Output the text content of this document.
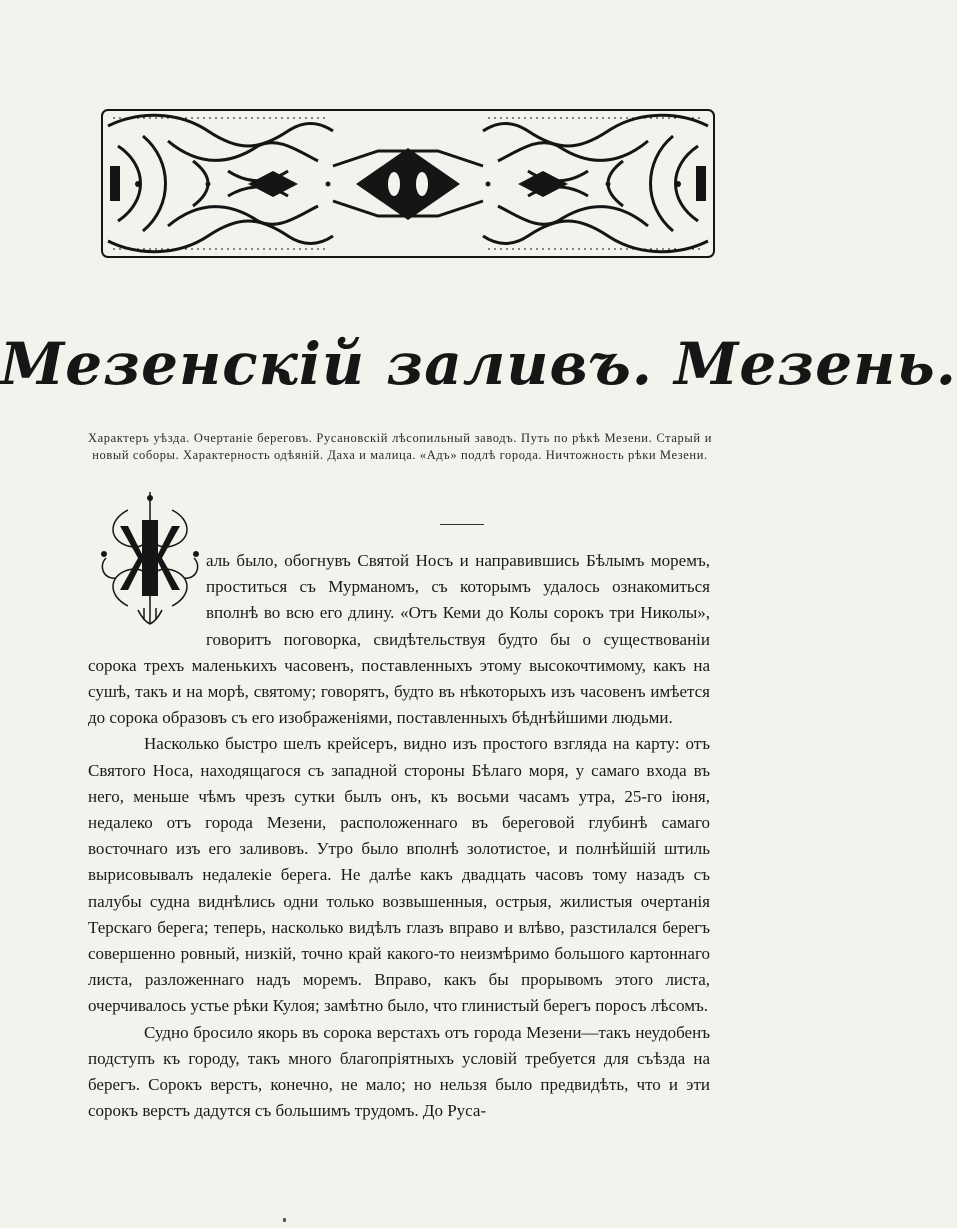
Мезенскій заливъ. Мезень.

Характеръ уѣзда. Очертаніе береговъ. Русановскій лѣсопильный заводъ. Путь по рѣкѣ Мезени. Старый и новый соборы. Характерность одѣяній. Даха и малица. «Адъ» подлѣ города. Ничтожность рѣки Мезени.

Ж

аль было, обогнувъ Святой Носъ и направившись Бѣлымъ моремъ, проститься съ Мурманомъ, съ которымъ удалось ознакомиться вполнѣ во всю его длину. «Отъ Кеми до Колы сорокъ три Николы», говоритъ поговорка, свидѣтельствуя будто бы о существованіи сорока трехъ маленькихъ часовенъ, поставленныхъ этому высокочтимому, какъ на сушѣ, такъ и на морѣ, святому; говорятъ, будто въ нѣкоторыхъ изъ часовенъ имѣется до сорока образовъ съ его изображеніями, поставленныхъ бѣднѣйшими людьми.

Насколько быстро шелъ крейсеръ, видно изъ простого взгляда на карту: отъ Святого Носа, находящагося съ западной стороны Бѣлаго моря, у самаго входа въ него, меньше чѣмъ чрезъ сутки былъ онъ, къ восьми часамъ утра, 25-го іюня, недалеко отъ города Мезени, расположеннаго въ береговой глубинѣ самаго восточнаго изъ его заливовъ. Утро было вполнѣ золотистое, и полнѣйшій штиль вырисовывалъ недалекіе берега. Не далѣе какъ двадцать часовъ тому назадъ съ палубы судна виднѣлись одни только возвышенныя, острыя, жилистыя очертанія Терскаго берега; теперь, насколько видѣлъ глазъ вправо и влѣво, разстилался берегъ совершенно ровный, низкій, точно край какого-то неизмѣримо большого картоннаго листа, разложеннаго надъ моремъ. Вправо, какъ бы прорывомъ этого листа, очерчивалось устье рѣки Кулоя; замѣтно было, что глинистый берегъ поросъ лѣсомъ.

Судно бросило якорь въ сорока верстахъ отъ города Мезени—такъ неудобенъ подступъ къ городу, такъ много благопріятныхъ условій требуется для съѣзда на берегъ. Сорокъ верстъ, конечно, не мало; но нельзя было предвидѣть, что и эти сорокъ верстъ дадутся съ большимъ трудомъ. До Руса-
